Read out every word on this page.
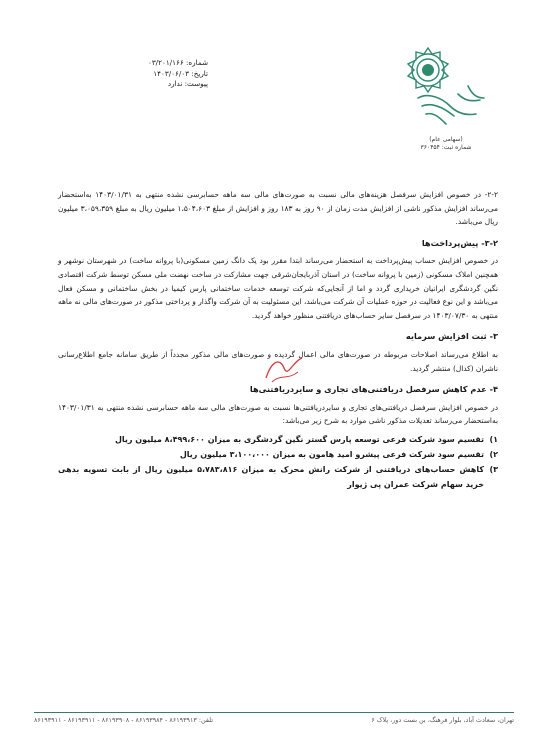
شماره: ۰۳/۲۰۱/۱۶۶
تاریخ: ۱۴۰۳/۰۶/۰۳
پیوست: ندارد
(سهامی عام)
شماره ثبت: ۳۶۰۴۵۴

۲-۲- در خصوص افزایش سرفصل هزینه‌های مالی نسبت به صورت‌های مالی سه ماهه حسابرسی نشده منتهی به ۱۴۰۳/۰۱/۳۱ به‌استحضار می‌رساند افزایش مذکور ناشی از افزایش مدت زمان از ۹۰ روز به ۱۸۳ روز و افزایش از مبلغ ۱،۵۰۴،۶۰۳ میلیون ریال به مبلغ ۳،۰۵۹،۳۵۹ میلیون ریال می‌باشد.

۳-۲- پیش‌پرداخت‌ها

در خصوص افزایش حساب پیش‌پرداخت به استحضار می‌رساند ابتدا مقرر بود یک دانگ زمین مسکونی(با پروانه ساخت) در شهرستان نوشهر و همچنین املاک مسکونی (زمین با پروانه ساخت) در استان آذربایجان‌شرقی جهت مشارکت در ساخت نهضت ملی مسکن توسط شرکت اقتصادی نگین گردشگری ایرانیان خریداری گردد و اما از آنجایی‌که شرکت توسعه خدمات ساختمانی پارس کیمیا در بخش ساختمانی و مسکن فعال می‌باشد و این نوع فعالیت در حوزه عملیات آن شرکت می‌باشد، این مسئولیت به آن شرکت واگذار و پرداختی مذکور در صورت‌های مالی نه ماهه منتهی به ۱۴۰۳/۰۷/۳۰ در سرفصل سایر حساب‌های دریافتنی منظور خواهد گردید.

۳- ثبت افزایش سرمایه

به اطلاع می‌رساند اصلاحات مربوطه در صورت‌های مالی اعمال گردیده و صورت‌های مالی مذکور مجدداً از طریق سامانه جامع اطلاع‌رسانی ناشران (کدال) منتشر گردید.

۴- عدم کاهش سرفصل دریافتنی‌های تجاری و سایردریافتنی‌ها

در خصوص افزایش سرفصل دریافتنی‌های تجاری و سایردریافتنی‌ها نسبت به صورت‌های مالی سه ماهه حسابرسی نشده منتهی به ۱۴۰۳/۰۱/۳۱ به‌استحضار می‌رساند تعدیلات مذکور ناشی موارد به شرح زیر می‌باشد:

۱)
تقسیم سود شرکت فرعی توسعه پارس گستر نگین گردشگری به میزان ۸،۴۹۹،۶۰۰ میلیون ریال
۲)
تقسیم سود شرکت فرعی پیشرو امید هامون به میزان ۳،۱۰۰،۰۰۰ میلیون ریال
۳)
کاهش حساب‌های دریافتنی از شرکت رانش محرک به میزان ۵،۷۸۳،۸۱۶ میلیون ریال از بابت تسویه بدهی خرید سهام شرکت عمران پی ژیوار
تهران، سعادت آباد، بلوار فرهنگ، بن بست دور، پلاک ۶
تلفن: ۸۶۱۹۳۹۱۳ - ۸۶۱۹۳۹۸۴ - ۸۶۱۹۳۹۰۸ - ۸۶۱۹۳۹۱۱ - ۸۶۱۹۳۹۱۱
